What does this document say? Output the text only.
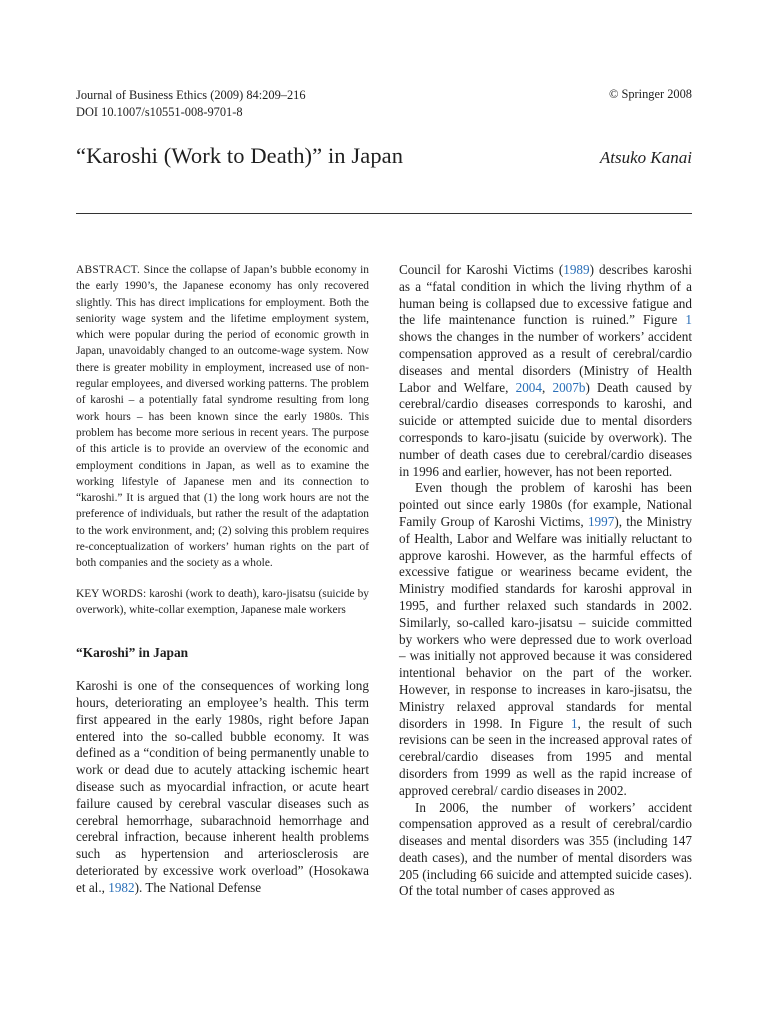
Journal of Business Ethics (2009) 84:209–216
DOI 10.1007/s10551-008-9701-8
© Springer 2008
“Karoshi (Work to Death)” in Japan	Atsuko Kanai

ABSTRACT. Since the collapse of Japan’s bubble economy in the early 1990’s, the Japanese economy has only recovered slightly. This has direct implications for employment. Both the seniority wage system and the lifetime employment system, which were popular during the period of economic growth in Japan, unavoidably changed to an outcome-wage system. Now there is greater mobility in employment, increased use of non-regular employees, and diversed working patterns. The problem of karoshi – a potentially fatal syndrome resulting from long work hours – has been known since the early 1980s. This problem has become more serious in recent years. The purpose of this article is to provide an overview of the economic and employment conditions in Japan, as well as to examine the working lifestyle of Japanese men and its connection to “karoshi.” It is argued that (1) the long work hours are not the preference of individuals, but rather the result of the adaptation to the work environment, and; (2) solving this problem requires re-conceptualization of workers’ human rights on the part of both companies and the society as a whole.

KEY WORDS: karoshi (work to death), karo-jisatsu (suicide by overwork), white-collar exemption, Japanese male workers

“Karoshi” in Japan

Karoshi is one of the consequences of working long hours, deteriorating an employee’s health. This term first appeared in the early 1980s, right before Japan entered into the so-called bubble economy. It was defined as a “condition of being permanently unable to work or dead due to acutely attacking ischemic heart disease such as myocardial infraction, or acute heart failure caused by cerebral vascular diseases such as cerebral hemorrhage, subarachnoid hemorrhage and cerebral infraction, because inherent health problems such as hypertension and arteriosclerosis are deteriorated by excessive work overload” (Hosokawa et al., 1982). The National Defense

Council for Karoshi Victims (1989) describes karoshi as a “fatal condition in which the living rhythm of a human being is collapsed due to excessive fatigue and the life maintenance function is ruined.” Figure 1 shows the changes in the number of workers’ accident compensation approved as a result of cerebral/cardio diseases and mental disorders (Ministry of Health Labor and Welfare, 2004, 2007b) Death caused by cerebral/cardio diseases corresponds to karoshi, and suicide or attempted suicide due to mental disorders corresponds to karo-jisatu (suicide by overwork). The number of death cases due to cerebral/cardio diseases in 1996 and earlier, however, has not been reported.

Even though the problem of karoshi has been pointed out since early 1980s (for example, National Family Group of Karoshi Victims, 1997), the Ministry of Health, Labor and Welfare was initially reluctant to approve karoshi. However, as the harmful effects of excessive fatigue or weariness became evident, the Ministry modified standards for karoshi approval in 1995, and further relaxed such standards in 2002. Similarly, so-called karo-jisatsu – suicide committed by workers who were depressed due to work overload – was initially not approved because it was considered intentional behavior on the part of the worker. However, in response to increases in karo-jisatsu, the Ministry relaxed approval standards for mental disorders in 1998. In Figure 1, the result of such revisions can be seen in the increased approval rates of cerebral/cardio diseases from 1995 and mental disorders from 1999 as well as the rapid increase of approved cerebral/ cardio diseases in 2002.

In 2006, the number of workers’ accident compensation approved as a result of cerebral/cardio diseases and mental disorders was 355 (including 147 death cases), and the number of mental disorders was 205 (including 66 suicide and attempted suicide cases). Of the total number of cases approved as
